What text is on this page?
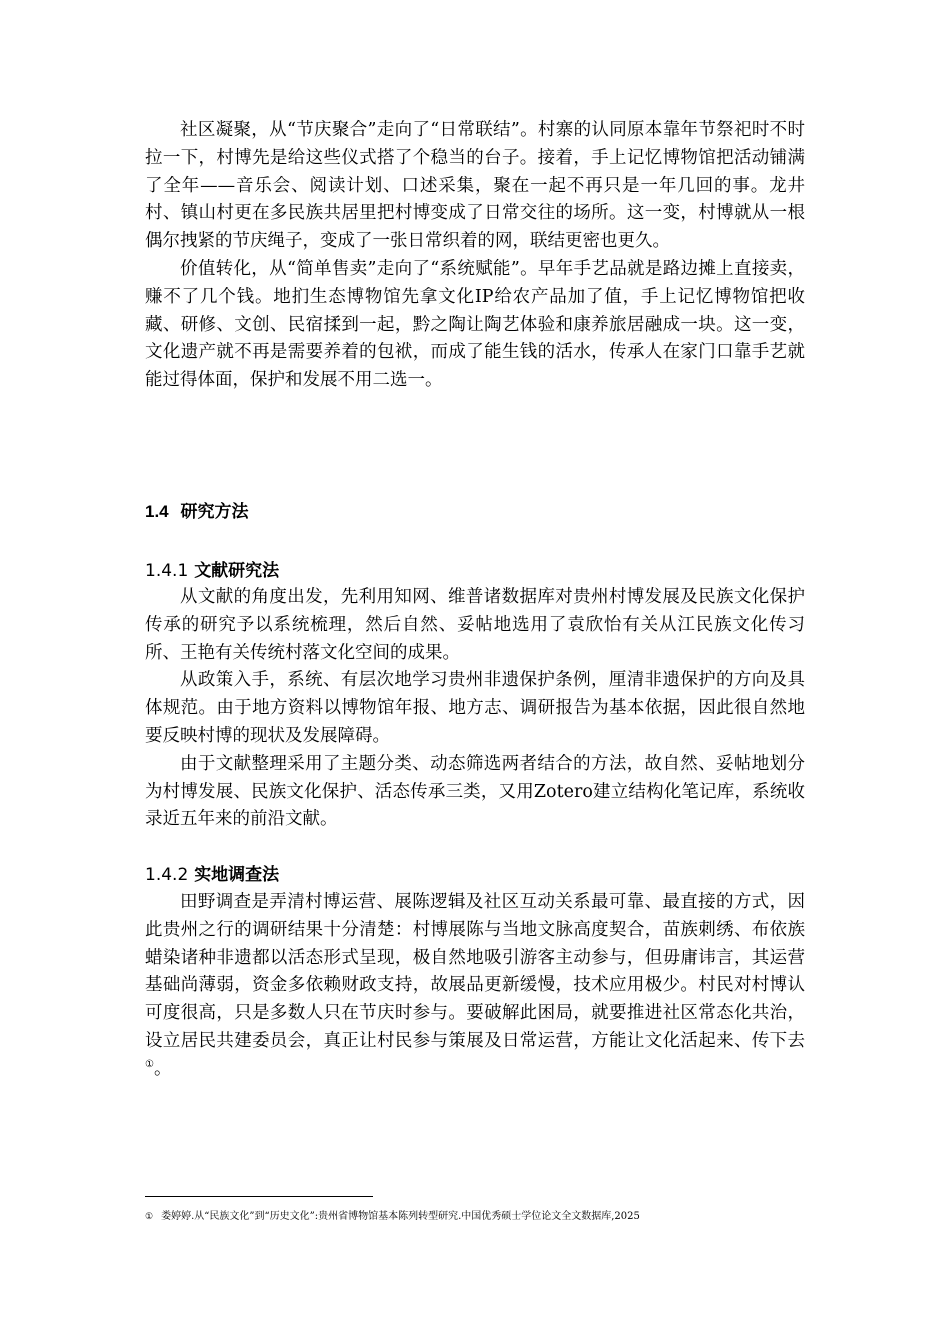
社区凝聚，从“节庆聚合”走向了“日常联结”。村寨的认同原本靠年节祭祀时不时拉一下，村博先是给这些仪式搭了个稳当的台子。接着，手上记忆博物馆把活动铺满了全年——音乐会、阅读计划、口述采集，聚在一起不再只是一年几回的事。龙井村、镇山村更在多民族共居里把村博变成了日常交往的场所。这一变，村博就从一根偶尔拽紧的节庆绳子，变成了一张日常织着的网，联结更密也更久。

价值转化，从“简单售卖”走向了“系统赋能”。早年手艺品就是路边摊上直接卖，赚不了几个钱。地扪生态博物馆先拿文化IP给农产品加了值，手上记忆博物馆把收藏、研修、文创、民宿揉到一起，黔之陶让陶艺体验和康养旅居融成一块。这一变，文化遗产就不再是需要养着的包袱，而成了能生钱的活水，传承人在家门口靠手艺就能过得体面，保护和发展不用二选一。

1.4 研究方法
1.4.1 文献研究法

从文献的角度出发，先利用知网、维普诸数据库对贵州村博发展及民族文化保护传承的研究予以系统梳理，然后自然、妥帖地选用了袁欣怡有关从江民族文化传习所、王艳有关传统村落文化空间的成果。

从政策入手，系统、有层次地学习贵州非遗保护条例，厘清非遗保护的方向及具体规范。由于地方资料以博物馆年报、地方志、调研报告为基本依据，因此很自然地要反映村博的现状及发展障碍。

由于文献整理采用了主题分类、动态筛选两者结合的方法，故自然、妥帖地划分为村博发展、民族文化保护、活态传承三类，又用Zotero建立结构化笔记库，系统收录近五年来的前沿文献。

1.4.2 实地调查法

田野调查是弄清村博运营、展陈逻辑及社区互动关系最可靠、最直接的方式，因此贵州之行的调研结果十分清楚：村博展陈与当地文脉高度契合，苗族刺绣、布依族蜡染诸种非遗都以活态形式呈现，极自然地吸引游客主动参与，但毋庸讳言，其运营基础尚薄弱，资金多依赖财政支持，故展品更新缓慢，技术应用极少。村民对村博认可度很高，只是多数人只在节庆时参与。要破解此困局，就要推进社区常态化共治，设立居民共建委员会，真正让村民参与策展及日常运营，方能让文化活起来、传下去①。

① 娄婷婷.从“民族文化”到“历史文化”:贵州省博物馆基本陈列转型研究.中国优秀硕士学位论文全文数据库,2025
